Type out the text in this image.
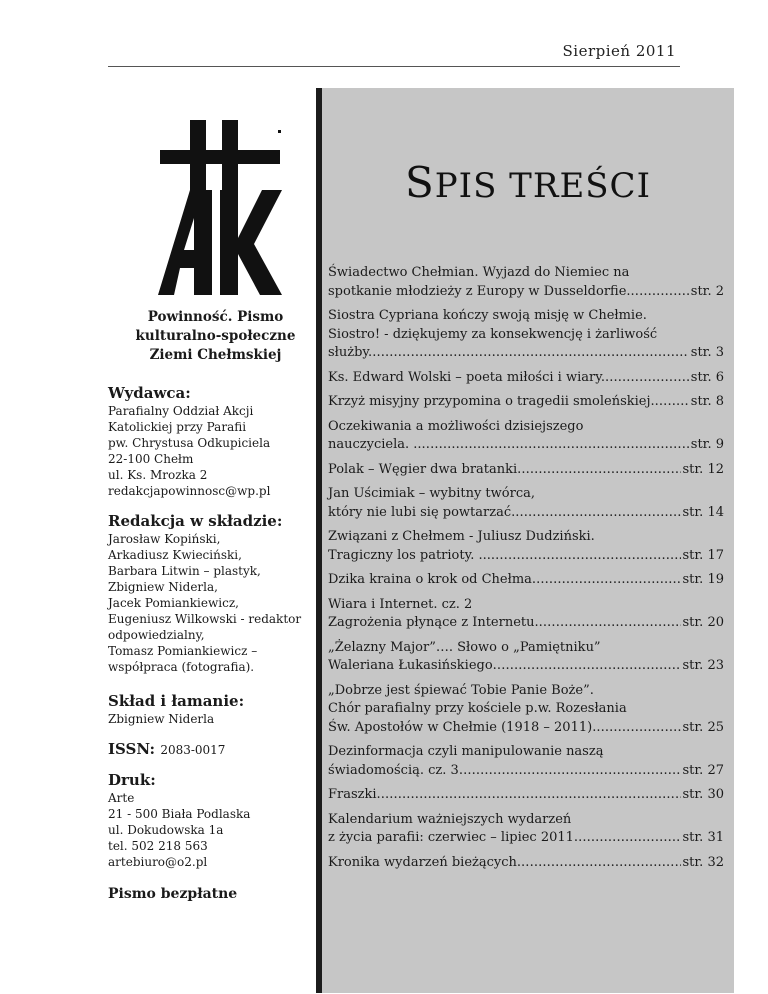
Sierpień 2011
Powinność. Pismo
kulturalno-społeczne
Ziemi Chełmskiej
Wydawca:
Parafialny Oddział Akcji
Katolickiej przy Parafii
pw. Chrystusa Odkupiciela
22-100 Chełm
ul. Ks. Mrozka 2
redakcjapowinnosc@wp.pl
Redakcja w składzie:
Jarosław Kopiński,
Arkadiusz Kwieciński,
Barbara Litwin – plastyk,
Zbigniew Niderla,
Jacek Pomiankiewicz,
Eugeniusz Wilkowski - redaktor
odpowiedzialny,
Tomasz Pomiankiewicz –
współpraca (fotografia).
Skład i łamanie:
Zbigniew Niderla
ISSN: 2083-0017
Druk:
Arte
21 - 500 Biała Podlaska
ul. Dokudowska 1a
tel. 502 218 563
artebiuro@o2.pl
Pismo bezpłatne
SPIS TREŚCI
Świadectwo Chełmian. Wyjazd do Niemiec na
spotkanie młodzieży z Europy w Dusseldorfie. . . .	str. 2
Siostra Cypriana kończy swoją misję w Chełmie.
Siostro! - dziękujemy za konsekwencję i żarliwość
służby. . . .	str. 3
Ks. Edward Wolski – poeta miłości i wiary. . . .	str. 6
Krzyż misyjny przypomina o tragedii smoleńskiej. . . .	str. 8
Oczekiwania a możliwości dzisiejszego
nauczyciela. .. . . .	str. 9
Polak – Węgier dwa bratanki. . . .	str. 12
Jan Uścimiak – wybitny twórca,
który nie lubi się powtarzać. . . .	str. 14
Związani z Chełmem - Juliusz Dudziński.
Tragiczny los patrioty. ... . . .	str. 17
Dzika kraina o krok od Chełma. . . .	str. 19
Wiara i Internet. cz. 2
Zagrożenia płynące z Internetu. . . .	str. 20
„Żelazny Major”…. Słowo o „Pamiętniku”
Waleriana Łukasińskiego . . .	str. 23
„Dobrze jest śpiewać Tobie Panie Boże”.
Chór parafialny przy kościele p.w. Rozesłania
Św. Apostołów w Chełmie (1918 – 2011). . . .	str. 25
Dezinformacja czyli manipulowanie naszą
świadomością. cz. 3 . . .	str. 27
Fraszki. . . .	str. 30
Kalendarium ważniejszych wydarzeń
z życia parafii: czerwiec – lipiec 2011. . . .	str. 31
Kronika wydarzeń bieżących. . . .	str. 32
